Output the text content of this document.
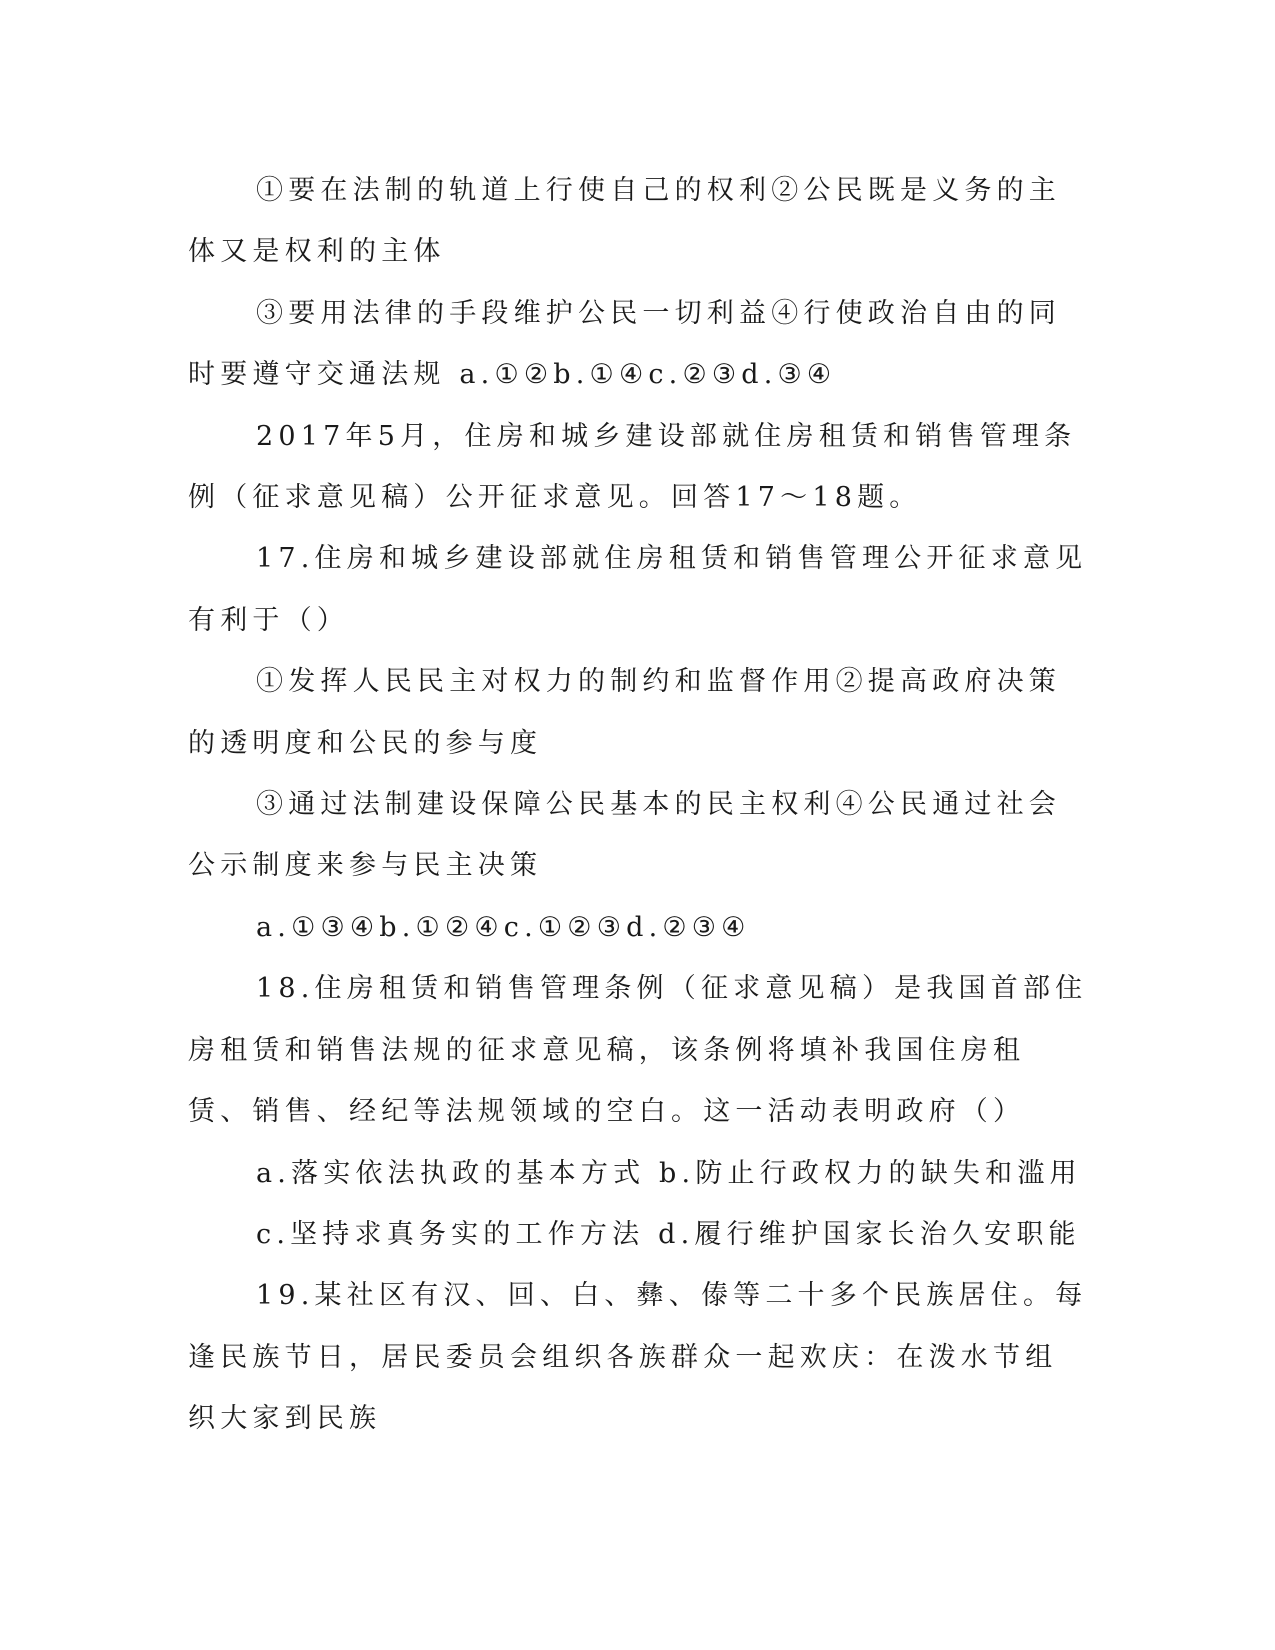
①要在法制的轨道上行使自己的权利②公民既是义务的主体又是权利的主体

③要用法律的手段维护公民一切利益④行使政治自由的同时要遵守交通法规 a.①②b.①④c.②③d.③④

2017年5月，住房和城乡建设部就住房租赁和销售管理条例（征求意见稿）公开征求意见。回答17～18题。

17.住房和城乡建设部就住房租赁和销售管理公开征求意见有利于（）

①发挥人民民主对权力的制约和监督作用②提高政府决策的透明度和公民的参与度

③通过法制建设保障公民基本的民主权利④公民通过社会公示制度来参与民主决策

a.①③④b.①②④c.①②③d.②③④

18.住房租赁和销售管理条例（征求意见稿）是我国首部住房租赁和销售法规的征求意见稿，该条例将填补我国住房租赁、销售、经纪等法规领域的空白。这一活动表明政府（）

a.落实依法执政的基本方式 b.防止行政权力的缺失和滥用

c.坚持求真务实的工作方法 d.履行维护国家长治久安职能

19.某社区有汉、回、白、彝、傣等二十多个民族居住。每逢民族节日，居民委员会组织各族群众一起欢庆：在泼水节组织大家到民族
